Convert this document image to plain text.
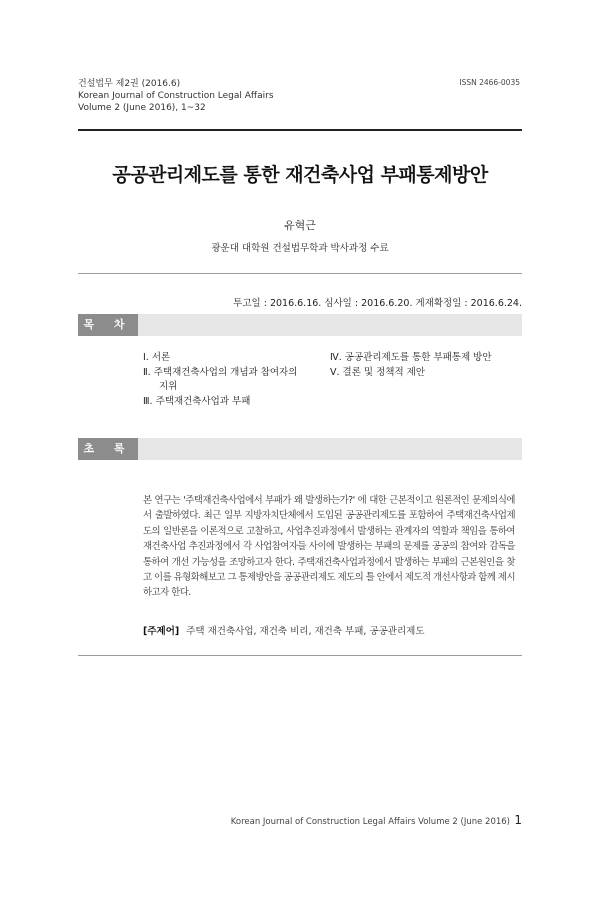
건설법무 제2권 (2016.6)
Korean Journal of Construction Legal Affairs
Volume 2 (June 2016), 1~32
ISSN 2466-0035
공공관리제도를 통한 재건축사업 부패통제방안
유혁근
광운대 대학원 건설법무학과 박사과정 수료
투고일 : 2016.6.16. 심사일 : 2016.6.20. 게재확정일 : 2016.6.24.
목 차
Ⅰ. 서론
Ⅱ. 주택재건축사업의 개념과 참여자의
지위
Ⅲ. 주택재건축사업과 부패
Ⅳ. 공공관리제도를 통한 부패통제 방안
Ⅴ. 결론 및 정책적 제안
초 록
본 연구는 '주택재건축사업에서 부패가 왜 발생하는가?' 에 대한 근본적이고 원론적인 문제의식에서 출발하였다. 최근 일부 지방자치단체에서 도입된 공공관리제도를 포함하여 주택재건축사업제도의 일반론을 이론적으로 고찰하고, 사업추진과정에서 발생하는 관계자의 역할과 책임을 통하여 재건축사업 추진과정에서 각 사업참여자들 사이에 발생하는 부패의 문제를 공공의 참여와 감독을 통하여 개선 가능성을 조망하고자 한다. 주택재건축사업과정에서 발생하는 부패의 근본원인을 찾고 이를 유형화해보고 그 통제방안을 공공관리제도 제도의 틀 안에서 제도적 개선사항과 함께 제시하고자 한다.
[주제어] 주택 재건축사업, 재건축 비리, 재건축 부패, 공공관리제도
Korean Journal of Construction Legal Affairs Volume 2 (June 2016) 1
